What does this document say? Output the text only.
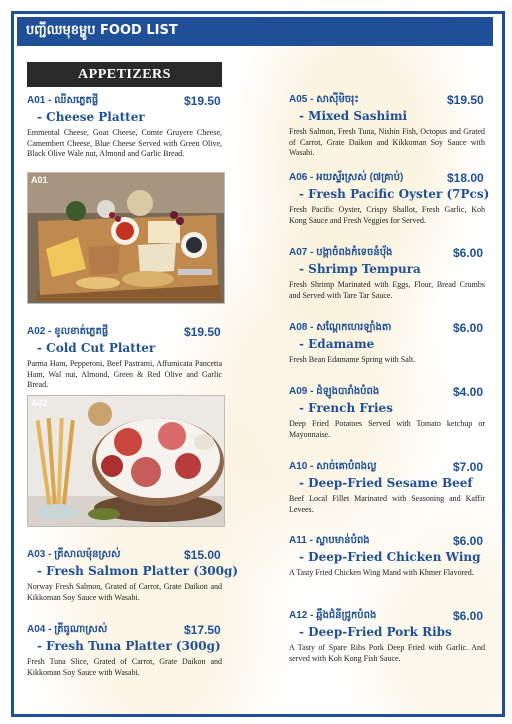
បញ្ជីឈមុខម្ហូប FOOD LIST
APPETIZERS
A01 - ឈីសភ្លេតផ្លី	$19.50
- Cheese Platter
Emmental Cheese, Goat Cheese, Comte Gruyere Cheese, Camembert Cheese, Blue Cheese Served with Green Olive, Black Olive Wale nut, Almond and Garlic Bread.
A01
A02 - ខូលខាត់ភ្លេតផ្លី	$19.50
- Cold Cut Platter
Parma Ham, Pepperoni, Beef Pastrami, Affumicata Pancetta Ham, Wal nut, Almond, Green & Red Olive and Garlic Bread.
A02
A03 - ត្រីសាលម៉ុនស្រស់	$15.00
- Fresh Salmon Platter (300g)
Norway Fresh Salmon, Grated of Carrot, Grate Daikon and Kikkoman Soy Sauce with Wasabi.
A04 - ត្រីធូណាស្រស់	$17.50
- Fresh Tuna Platter (300g)
Fresh Tuna Slice, Grated of Carrot, Grate Daikon and Kikkoman Soy Sauce with Wasabi.
A05 - សាស៊ីមិចរុះ	$19.50
- Mixed Sashimi
Fresh Salmon, Fresh Tuna, Nishin Fish, Octopus and Grated of Carrot, Grate Daikon and Kikkoman Soy Sauce with Wasabi.
A06 - អយស្ទ័រស្រស់ (៧គ្រាប់)	$18.00
- Fresh Pacific Oyster (7Pcs)
Fresh Pacific Oyster, Crispy Shallot, Fresh Garlic, Koh Kong Sauce and Fresh Veggies for Served.
A07 - បង្កាចំពងកំទេចនំប៉័ង	$6.00
- Shrimp Tempura
Fresh Shrimp Marinated with Eggs, Flour, Bread Crumbs and Served with Tare Tar Sauce.
A08 - សណ្តែកហេរឡាំងតា	$6.00
- Edamame
Fresh Bean Edamame Spring with Salt.
A09 - ដំឡូងបារាំងបំពង	$4.00
- French Fries
Deep Fried Potatoes Served with Tomato ketchup or Mayonnaise.
A10 - សាច់គោបំពងល្ង	$7.00
- Deep-Fried Sesame Beef
Beef Local Fillet Marinated with Seasoning and Kaffir Levees.
A11 - ស្លាបមាន់បំពង	$6.00
- Deep-Fried Chicken Wing
A Tasty Fried Chicken Wing Mand with Khmer Flavored.
A12 - ឆ្អឹងជំនីជ្រូកបំពង	$6.00
- Deep-Fried Pork Ribs
A Tasty of Spare Ribs Pork Deep Fried with Garlic. And served with Koh Kong Fish Sauce.
